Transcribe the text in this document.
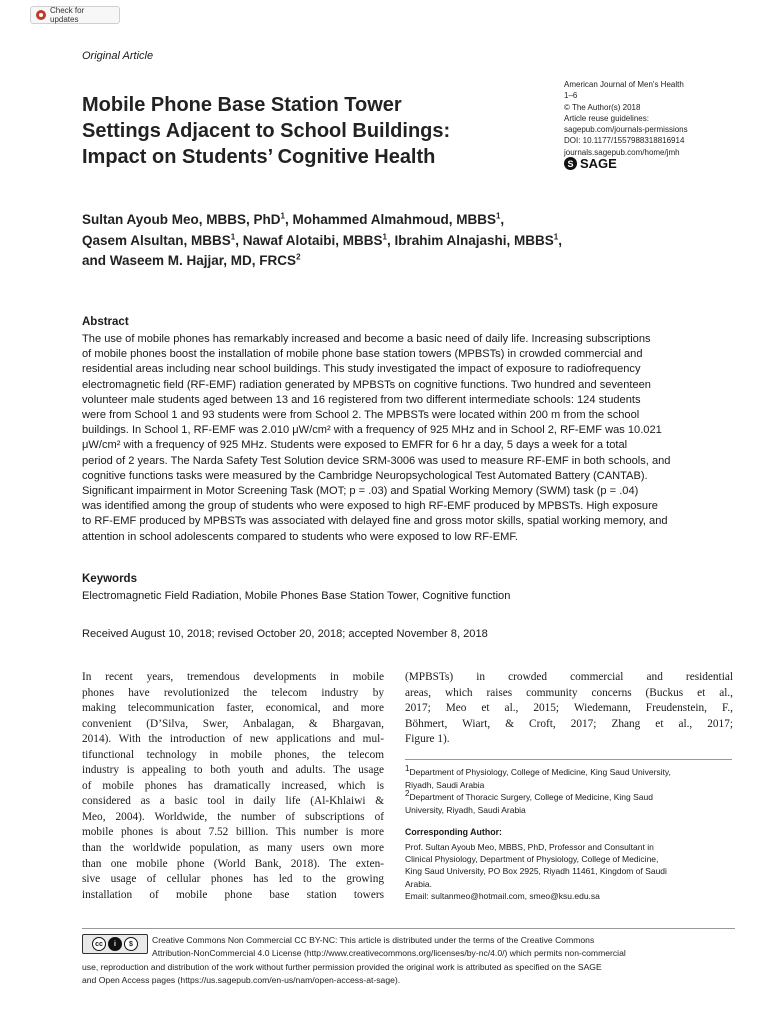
Check for updates
Original Article
Mobile Phone Base Station Tower
Settings Adjacent to School Buildings:
Impact on Students’ Cognitive Health
American Journal of Men's Health
1–6
© The Author(s) 2018
Article reuse guidelines:
sagepub.com/journals-permissions
DOI: 10.1177/1557988318816914
journals.sagepub.com/home/jmh
S SAGE
Sultan Ayoub Meo, MBBS, PhD$^1$, Mohammed Almahmoud, MBBS$^1$,
Qasem Alsultan, MBBS$^1$, Nawaf Alotaibi, MBBS$^1$, Ibrahim Alnajashi, MBBS$^1$,
and Waseem M. Hajjar, MD, FRCS$^2$
Abstract
The use of mobile phones has remarkably increased and become a basic need of daily life. Increasing subscriptions
of mobile phones boost the installation of mobile phone base station towers (MPBSTs) in crowded commercial and
residential areas including near school buildings. This study investigated the impact of exposure to radiofrequency
electromagnetic field (RF-EMF) radiation generated by MPBSTs on cognitive functions. Two hundred and seventeen
volunteer male students aged between 13 and 16 registered from two different intermediate schools: 124 students
were from School 1 and 93 students were from School 2. The MPBSTs were located within 200 m from the school
buildings. In School 1, RF-EMF was 2.010 μW/cm² with a frequency of 925 MHz and in School 2, RF-EMF was 10.021
μW/cm² with a frequency of 925 MHz. Students were exposed to EMFR for 6 hr a day, 5 days a week for a total
period of 2 years. The Narda Safety Test Solution device SRM-3006 was used to measure RF-EMF in both schools, and
cognitive functions tasks were measured by the Cambridge Neuropsychological Test Automated Battery (CANTAB).
Significant impairment in Motor Screening Task (MOT; p = .03) and Spatial Working Memory (SWM) task (p = .04)
was identified among the group of students who were exposed to high RF-EMF produced by MPBSTs. High exposure
to RF-EMF produced by MPBSTs was associated with delayed fine and gross motor skills, spatial working memory, and
attention in school adolescents compared to students who were exposed to low RF-EMF.
Keywords
Electromagnetic Field Radiation, Mobile Phones Base Station Tower, Cognitive function
Received August 10, 2018; revised October 20, 2018; accepted November 8, 2018
In recent years, tremendous developments in mobile
phones have revolutionized the telecom industry by
making telecommunication faster, economical, and more
convenient (D’Silva, Swer, Anbalagan, & Bhargavan,
2014). With the introduction of new applications and mul-
tifunctional technology in mobile phones, the telecom
industry is appealing to both youth and adults. The usage
of mobile phones has dramatically increased, which is
considered as a basic tool in daily life (Al-Khlaiwi &
Meo, 2004). Worldwide, the number of subscriptions of
mobile phones is about 7.52 billion. This number is more
than the worldwide population, as many users own more
than one mobile phone (World Bank, 2018). The exten-
sive usage of cellular phones has led to the growing
installation of mobile phone base station towers
(MPBSTs) in crowded commercial and residential
areas, which raises community concerns (Buckus et al.,
2017; Meo et al., 2015; Wiedemann, Freudenstein, F.,
Böhmert, Wiart, & Croft, 2017; Zhang et al., 2017;
Figure 1).
$^1$Department of Physiology, College of Medicine, King Saud University,
Riyadh, Saudi Arabia
$^2$Department of Thoracic Surgery, College of Medicine, King Saud
University, Riyadh, Saudi Arabia
Corresponding Author:
Prof. Sultan Ayoub Meo, MBBS, PhD, Professor and Consultant in
Clinical Physiology, Department of Physiology, College of Medicine,
King Saud University, PO Box 2925, Riyadh 11461, Kingdom of Saudi
Arabia.
Email: sultanmeo@hotmail.com, smeo@ksu.edu.sa
cc	i	$	Creative Commons Non Commercial CC BY-NC: This article is distributed under the terms of the Creative Commons
Attribution-NonCommercial 4.0 License (http://www.creativecommons.org/licenses/by-nc/4.0/) which permits non-commercial
use, reproduction and distribution of the work without further permission provided the original work is attributed as specified on the SAGE
and Open Access pages (https://us.sagepub.com/en-us/nam/open-access-at-sage).
